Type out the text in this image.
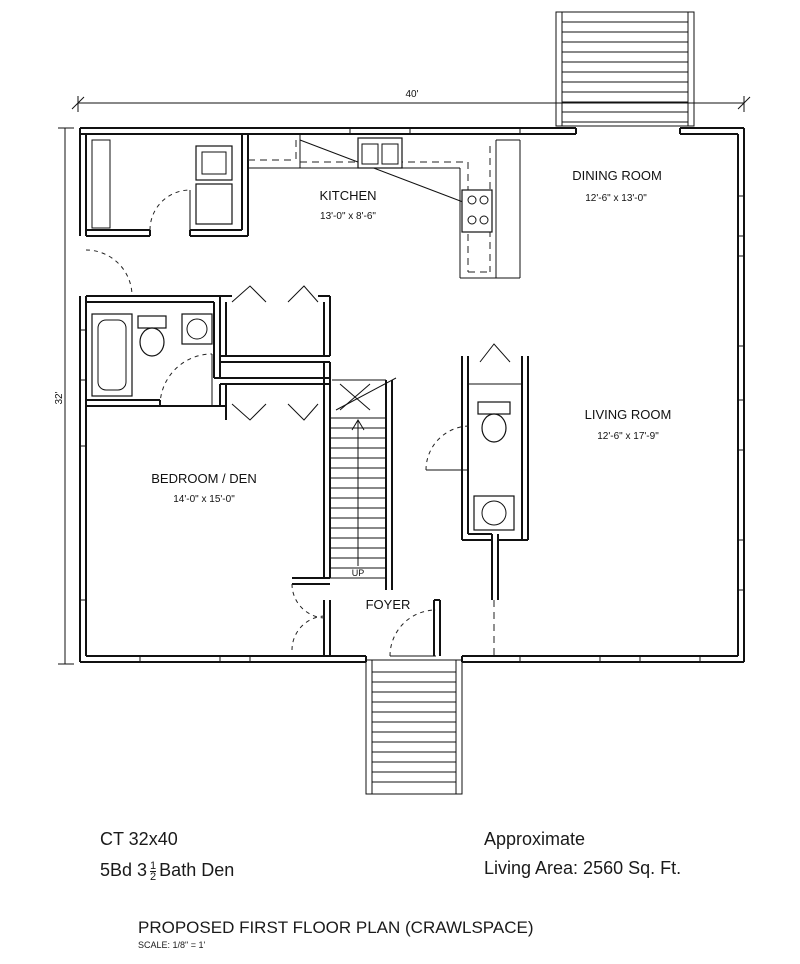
40'
32'
UP
KITCHEN
13'-0" x 8'-6"
DINING ROOM
12'-6" x 13'-0"
LIVING ROOM
12'-6" x 17'-9"
BEDROOM / DEN
14'-0" x 15'-0"
FOYER
CT 32x40
5Bd $3 \frac{1}{2}$ Bath Den
Approximate
Living Area: 2560 Sq. Ft.
PROPOSED FIRST FLOOR PLAN (CRAWLSPACE)
SCALE: 1/8" = 1'
